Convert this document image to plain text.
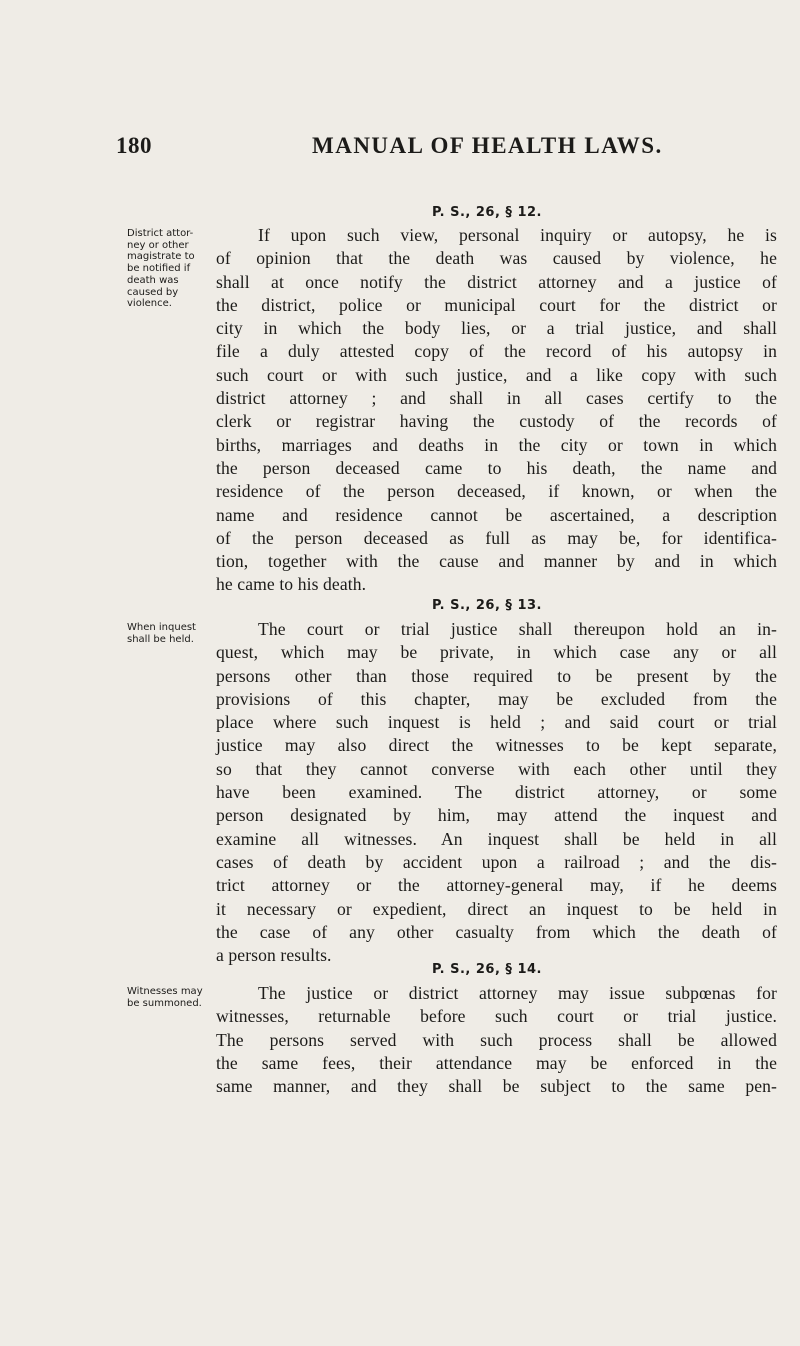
180	MANUAL OF HEALTH LAWS.
P. S., 26, § 12.
District attor-
ney or other
magistrate to
be notified if
death was
caused by
violence.
If upon such view, personal inquiry or autopsy, he is
of opinion that the death was caused by violence, he
shall at once notify the district attorney and a justice of
the district, police or municipal court for the district or
city in which the body lies, or a trial justice, and shall
file a duly attested copy of the record of his autopsy in
such court or with such justice, and a like copy with such
district attorney ; and shall in all cases certify to the
clerk or registrar having the custody of the records of
births, marriages and deaths in the city or town in which
the person deceased came to his death, the name and
residence of the person deceased, if known, or when the
name and residence cannot be ascertained, a description
of the person deceased as full as may be, for identifica-
tion, together with the cause and manner by and in which
he came to his death.
P. S., 26, § 13.
When inquest
shall be held.
The court or trial justice shall thereupon hold an in-
quest, which may be private, in which case any or all
persons other than those required to be present by the
provisions of this chapter, may be excluded from the
place where such inquest is held ; and said court or trial
justice may also direct the witnesses to be kept separate,
so that they cannot converse with each other until they
have been examined. The district attorney, or some
person designated by him, may attend the inquest and
examine all witnesses. An inquest shall be held in all
cases of death by accident upon a railroad ; and the dis-
trict attorney or the attorney-general may, if he deems
it necessary or expedient, direct an inquest to be held in
the case of any other casualty from which the death of
a person results.
P. S., 26, § 14.
Witnesses may
be summoned.
The justice or district attorney may issue subpœnas for
witnesses, returnable before such court or trial justice.
The persons served with such process shall be allowed
the same fees, their attendance may be enforced in the
same manner, and they shall be subject to the same pen-
